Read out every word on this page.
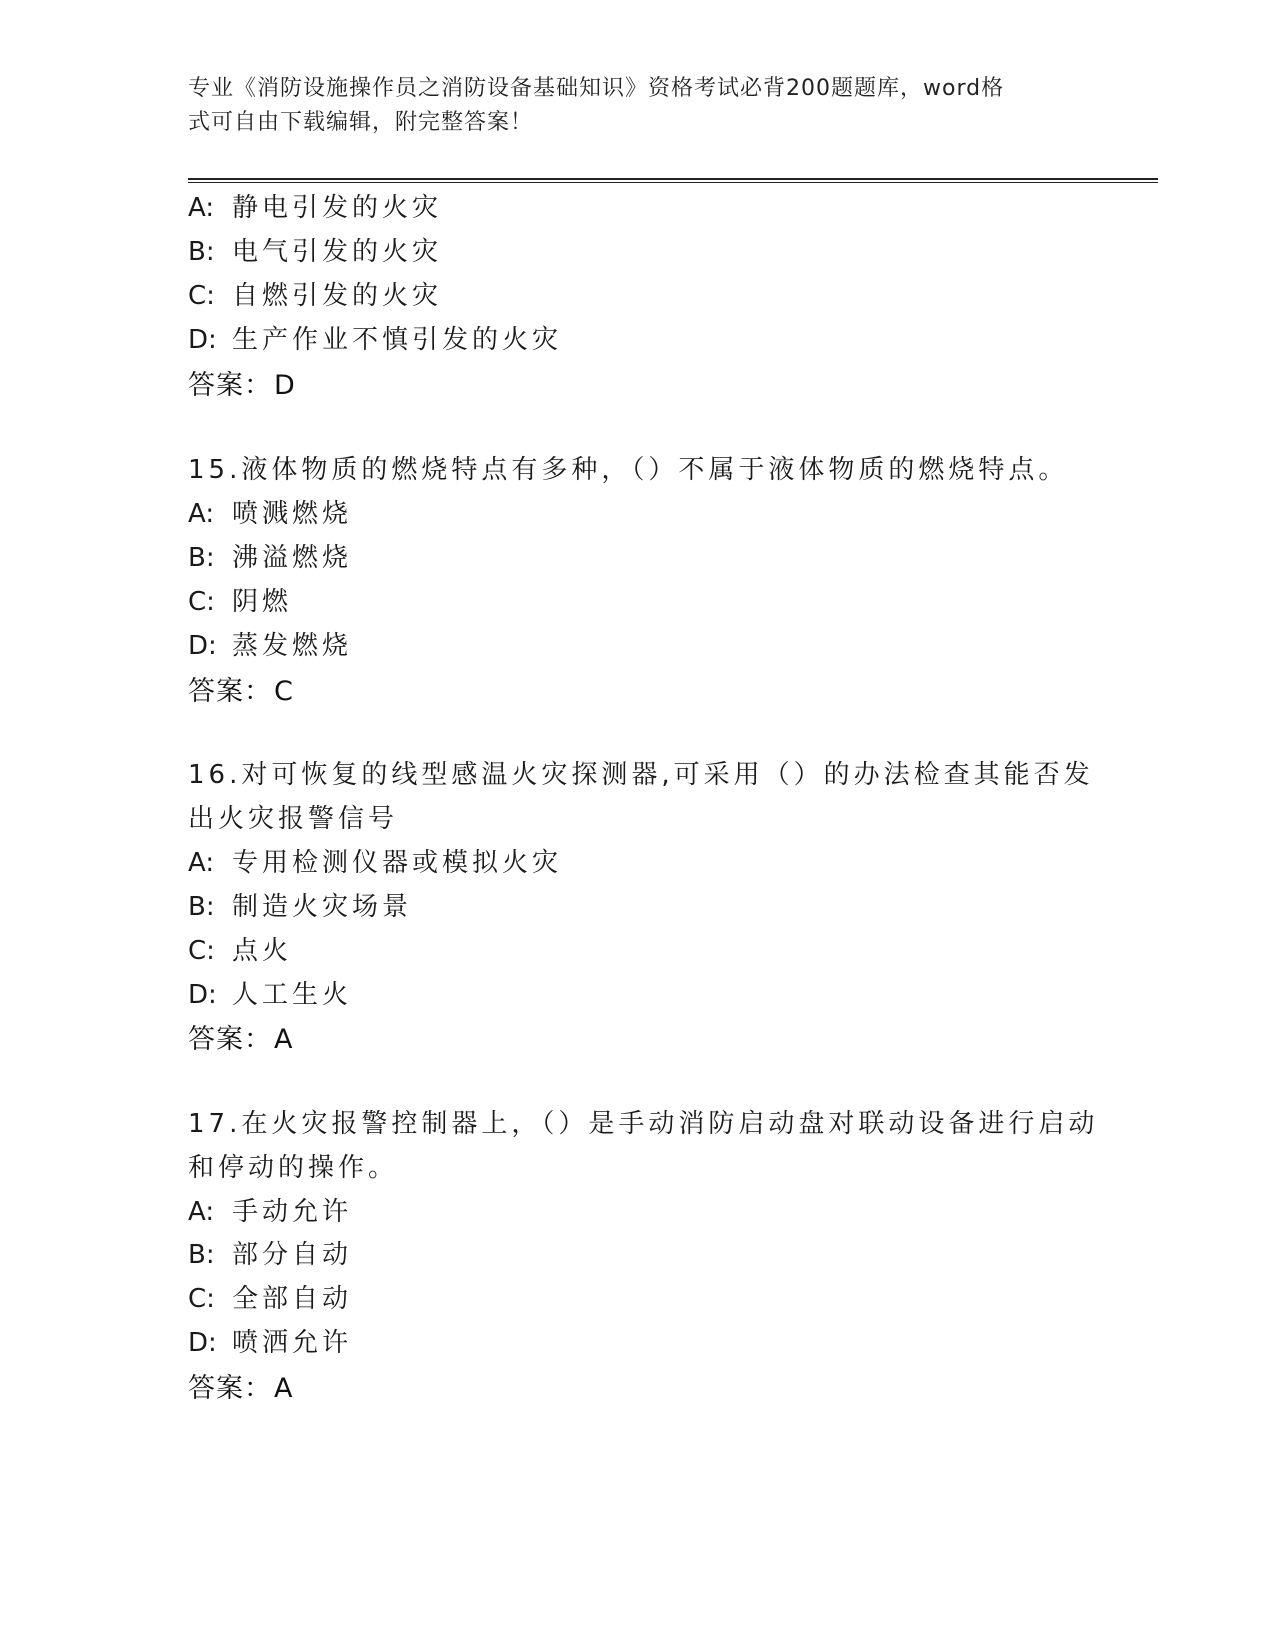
专业《消防设施操作员之消防设备基础知识》资格考试必背200题题库，word格
式可自由下载编辑，附完整答案！
A: 静电引发的火灾
B: 电气引发的火灾
C: 自燃引发的火灾
D: 生产作业不慎引发的火灾
答案：D
15.液体物质的燃烧特点有多种，（）不属于液体物质的燃烧特点。
A: 喷溅燃烧
B: 沸溢燃烧
C: 阴燃
D: 蒸发燃烧
答案：C
16.对可恢复的线型感温火灾探测器,可采用（）的办法检查其能否发
出火灾报警信号
A: 专用检测仪器或模拟火灾
B: 制造火灾场景
C: 点火
D: 人工生火
答案：A
17.在火灾报警控制器上，（）是手动消防启动盘对联动设备进行启动
和停动的操作。
A: 手动允许
B: 部分自动
C: 全部自动
D: 喷洒允许
答案：A
